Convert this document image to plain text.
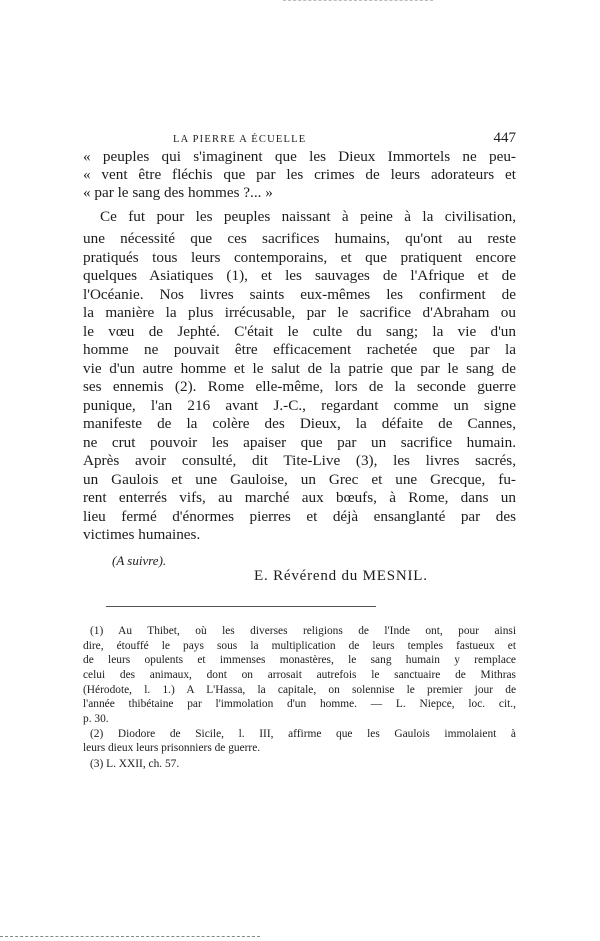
LA PIERRE A ÉCUELLE	447
« peuples qui s'imaginent que les Dieux Immortels ne peu-
« vent être fléchis que par les crimes de leurs adorateurs et
« par le sang des hommes ?... »
Ce fut pour les peuples naissant à peine à la civilisation,
une nécessité que ces sacrifices humains, qu'ont au reste
pratiqués tous leurs contemporains, et que pratiquent encore
quelques Asiatiques (1), et les sauvages de l'Afrique et de
l'Océanie. Nos livres saints eux-mêmes les confirment de
la manière la plus irrécusable, par le sacrifice d'Abraham ou
le vœu de Jephté. C'était le culte du sang; la vie d'un
homme ne pouvait être efficacement rachetée que par la
vie d'un autre homme et le salut de la patrie que par le sang de
ses ennemis (2). Rome elle-même, lors de la seconde guerre
punique, l'an 216 avant J.-C., regardant comme un signe
manifeste de la colère des Dieux, la défaite de Cannes,
ne crut pouvoir les apaiser que par un sacrifice humain.
Après avoir consulté, dit Tite-Live (3), les livres sacrés,
un Gaulois et une Gauloise, un Grec et une Grecque, fu-
rent enterrés vifs, au marché aux bœufs, à Rome, dans un
lieu fermé d'énormes pierres et déjà ensanglanté par des
victimes humaines.
(A suivre).
E. Révérend du MESNIL.
(1) Au Thibet, où les diverses religions de l'Inde ont, pour ainsi
dire, étouffé le pays sous la multiplication de leurs temples fastueux et
de leurs opulents et immenses monastères, le sang humain y remplace
celui des animaux, dont on arrosait autrefois le sanctuaire de Mithras
(Hérodote, l. 1.) A L'Hassa, la capitale, on solennise le premier jour de
l'année thibétaine par l'immolation d'un homme. — L. Niepce, loc. cit.,
p. 30.
(2) Diodore de Sicile, l. III, affirme que les Gaulois immolaient à
leurs dieux leurs prisonniers de guerre.
(3) L. XXII, ch. 57.
